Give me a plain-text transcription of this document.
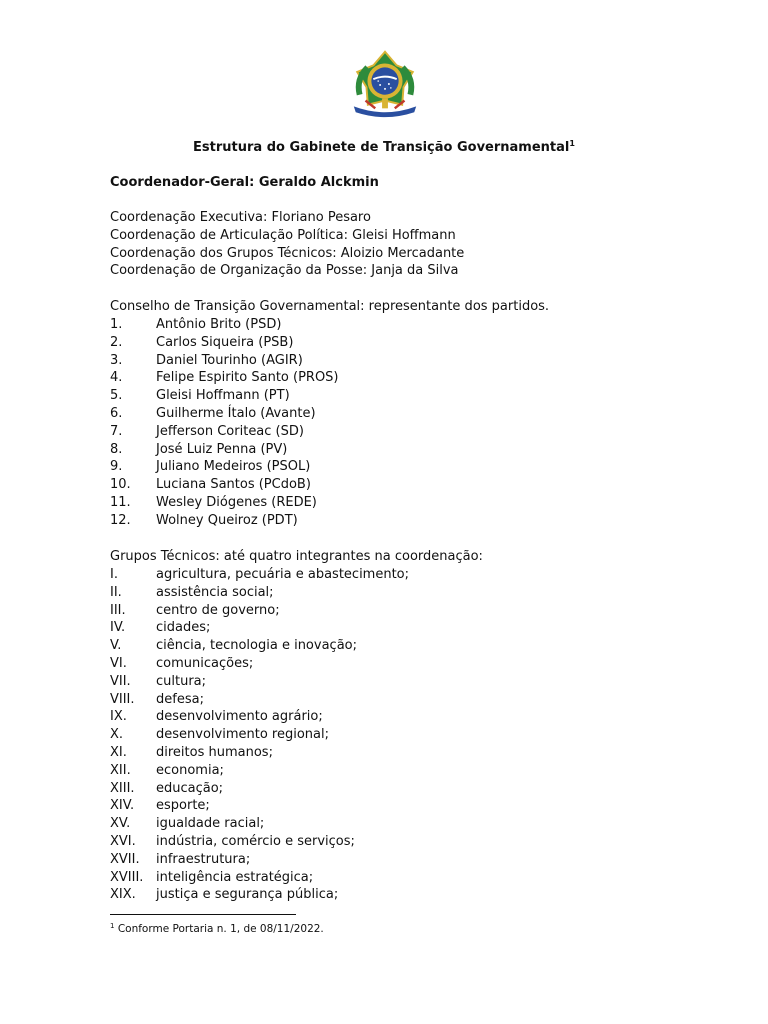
Estrutura do Gabinete de Transição Governamental$^1$
Coordenador-Geral: Geraldo Alckmin
Coordenação Executiva: Floriano Pesaro
Coordenação de Articulação Política: Gleisi Hoffmann
Coordenação dos Grupos Técnicos: Aloizio Mercadante
Coordenação de Organização da Posse: Janja da Silva
Conselho de Transição Governamental: representante dos partidos.
1.	Antônio Brito (PSD)
2.	Carlos Siqueira (PSB)
3.	Daniel Tourinho (AGIR)
4.	Felipe Espirito Santo (PROS)
5.	Gleisi Hoffmann (PT)
6.	Guilherme Ítalo (Avante)
7.	Jefferson Coriteac (SD)
8.	José Luiz Penna (PV)
9.	Juliano Medeiros (PSOL)
10. Luciana Santos (PCdoB)
11. Wesley Diógenes (REDE)
12. Wolney Queiroz (PDT)
Grupos Técnicos: até quatro integrantes na coordenação:
I.	agricultura, pecuária e abastecimento;
II.	assistência social;
III. centro de governo;
IV. cidades;
V.	ciência, tecnologia e inovação;
VI. comunicações;
VII. cultura;
VIII. defesa;
IX. desenvolvimento agrário;
X.	desenvolvimento regional;
XI. direitos humanos;
XII. economia;
XIII. educação;
XIV. esporte;
XV. igualdade racial;
XVI. indústria, comércio e serviços;
XVII. infraestrutura;
XVIII. inteligência estratégica;
XIX. justiça e segurança pública;
$^1$ Conforme Portaria n. 1, de 08/11/2022.
